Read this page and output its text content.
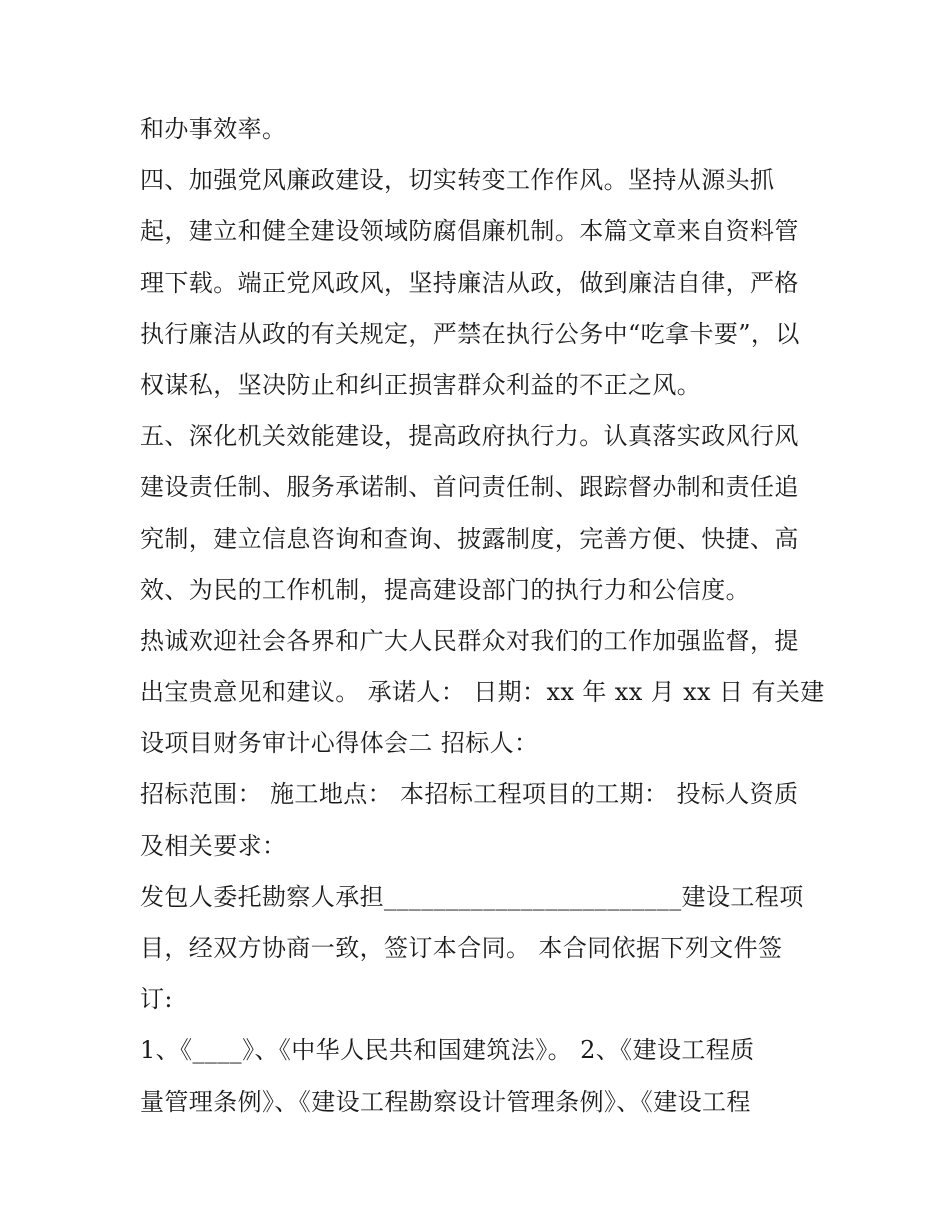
和办事效率。
四、加强党风廉政建设，切实转变工作作风。坚持从源头抓
起，建立和健全建设领域防腐倡廉机制。本篇文章来自资料管
理下载。端正党风政风，坚持廉洁从政，做到廉洁自律，严格
执行廉洁从政的有关规定，严禁在执行公务中“吃拿卡要”，以
权谋私，坚决防止和纠正损害群众利益的不正之风。
五、深化机关效能建设，提高政府执行力。认真落实政风行风
建设责任制、服务承诺制、首问责任制、跟踪督办制和责任追
究制，建立信息咨询和查询、披露制度，完善方便、快捷、高
效、为民的工作机制，提高建设部门的执行力和公信度。
热诚欢迎社会各界和广大人民群众对我们的工作加强监督，提
出宝贵意见和建议。 承诺人： 日期：xx 年 xx 月 xx 日 有关建
设项目财务审计心得体会二 招标人：
招标范围： 施工地点： 本招标工程项目的工期： 投标人资质
及相关要求：
发包人委托勘察人承担________________________建设工程项
目，经双方协商一致，签订本合同。 本合同依据下列文件签
订:
1、《____》、《中华人民共和国建筑法》。 2、《建设工程质
量管理条例》、《建设工程勘察设计管理条例》、《建设工程
